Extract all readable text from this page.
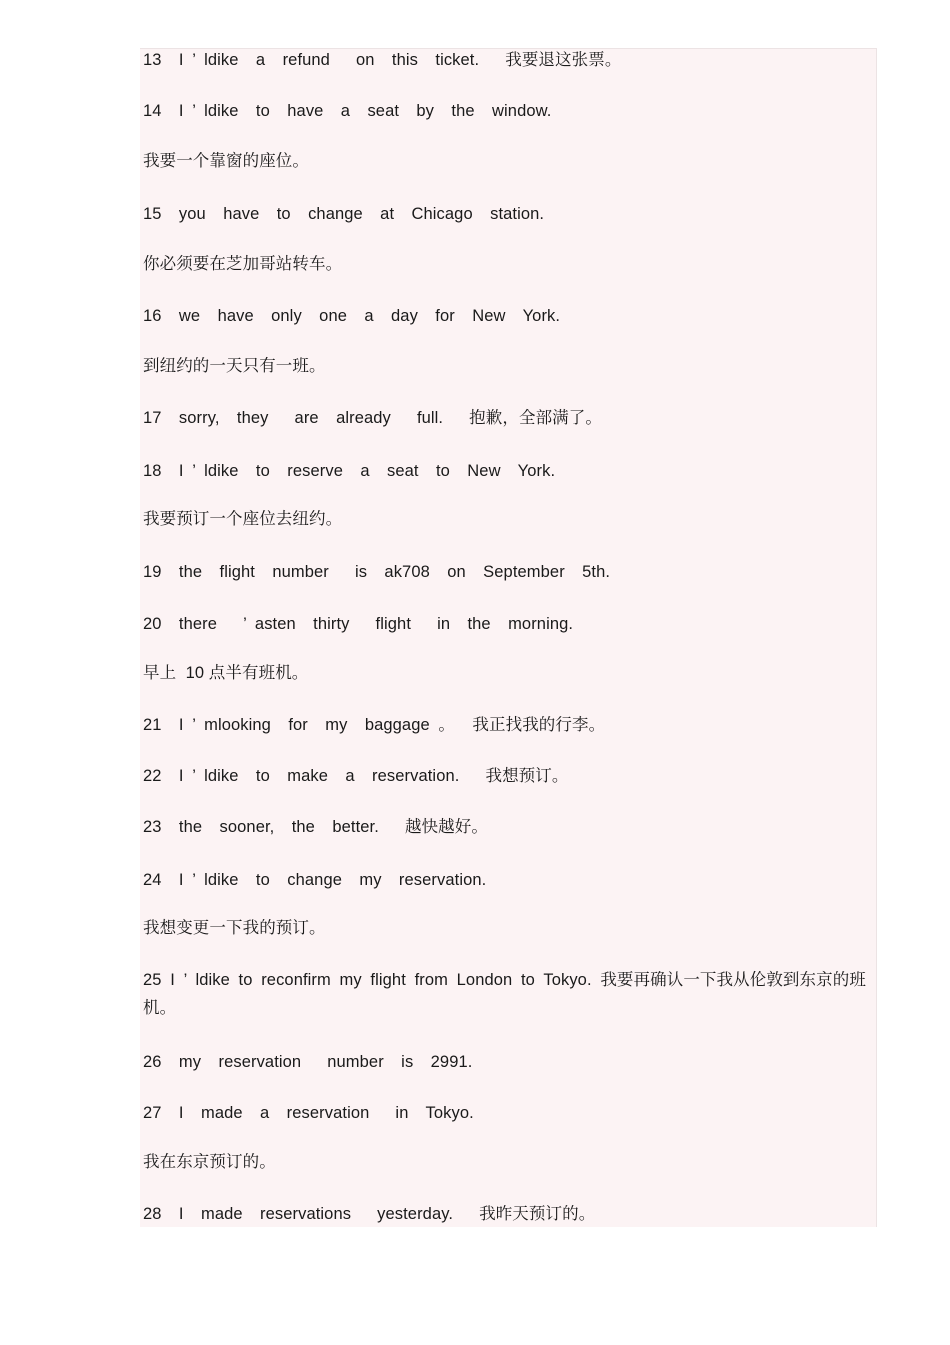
13  I ’ ldike  a  refund   on  this  ticket.   我要退这张票。
14  I ’ ldike  to  have  a  seat  by  the  window.
我要一个靠窗的座位。
15  you  have  to  change  at  Chicago  station.
你必须要在芝加哥站转车。
16  we  have  only  one  a  day  for  New  York.
到纽约的一天只有一班。
17  sorry,  they   are  already   full.   抱歉，全部满了。
18  I ’ ldike  to  reserve  a  seat  to  New  York.
我要预订一个座位去纽约。
19  the  flight  number   is  ak708  on  September  5th.
20  there   ’ asten  thirty   flight   in  the  morning.
早上  10 点半有班机。
21  I ’ mlooking  for  my  baggage 。  我正找我的行李。
22  I ’ ldike  to  make  a  reservation.   我想预订。
23  the  sooner,  the  better.   越快越好。
24  I ’ ldike  to  change  my  reservation.
我想变更一下我的预订。
25 I ’ ldike to reconfirm my flight from London to Tokyo. 我要再确认一下我从伦敦到东京的班机。
26  my  reservation   number  is  2991.
27  I  made  a  reservation   in  Tokyo.
我在东京预订的。
28  I  made  reservations   yesterday.   我昨天预订的。
